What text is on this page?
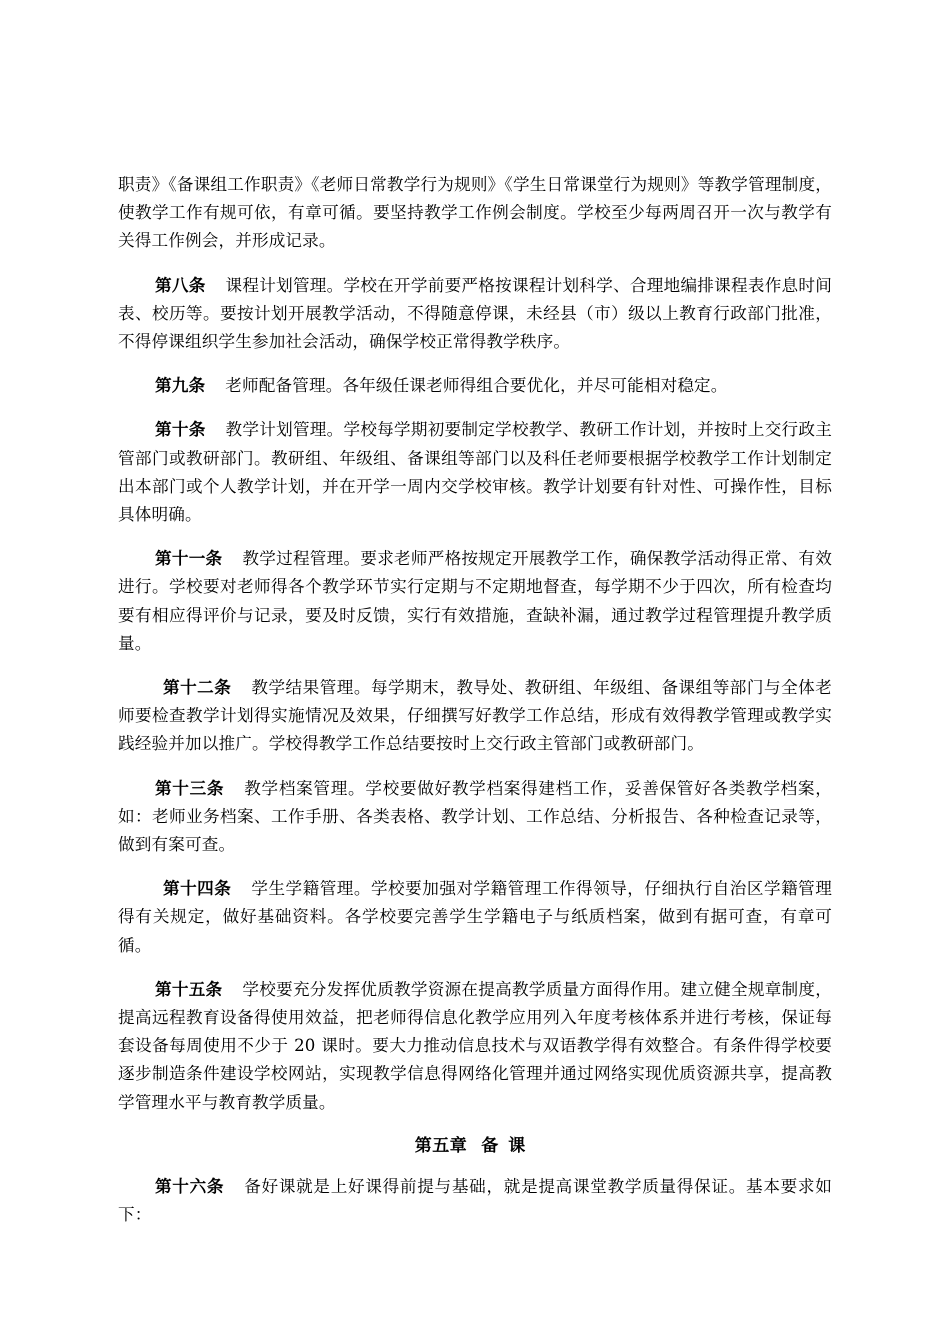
职责》《备课组工作职责》《老师日常教学行为规则》《学生日常课堂行为规则》等教学管理制度，使教学工作有规可依，有章可循。要坚持教学工作例会制度。学校至少每两周召开一次与教学有关得工作例会，并形成记录。

第八条 课程计划管理。学校在开学前要严格按课程计划科学、合理地编排课程表作息时间表、校历等。要按计划开展教学活动，不得随意停课，未经县（市）级以上教育行政部门批准，不得停课组织学生参加社会活动，确保学校正常得教学秩序。

第九条 老师配备管理。各年级任课老师得组合要优化，并尽可能相对稳定。

第十条 教学计划管理。学校每学期初要制定学校教学、教研工作计划，并按时上交行政主管部门或教研部门。教研组、年级组、备课组等部门以及科任老师要根据学校教学工作计划制定出本部门或个人教学计划，并在开学一周内交学校审核。教学计划要有针对性、可操作性，目标具体明确。

第十一条 教学过程管理。要求老师严格按规定开展教学工作，确保教学活动得正常、有效进行。学校要对老师得各个教学环节实行定期与不定期地督查，每学期不少于四次，所有检查均要有相应得评价与记录，要及时反馈，实行有效措施，查缺补漏，通过教学过程管理提升教学质量。

第十二条 教学结果管理。每学期末，教导处、教研组、年级组、备课组等部门与全体老师要检查教学计划得实施情况及效果，仔细撰写好教学工作总结，形成有效得教学管理或教学实践经验并加以推广。学校得教学工作总结要按时上交行政主管部门或教研部门。

第十三条 教学档案管理。学校要做好教学档案得建档工作，妥善保管好各类教学档案，如：老师业务档案、工作手册、各类表格、教学计划、工作总结、分析报告、各种检查记录等，做到有案可查。

第十四条 学生学籍管理。学校要加强对学籍管理工作得领导，仔细执行自治区学籍管理得有关规定，做好基础资料。各学校要完善学生学籍电子与纸质档案，做到有据可查，有章可循。

第十五条 学校要充分发挥优质教学资源在提高教学质量方面得作用。建立健全规章制度，提高远程教育设备得使用效益，把老师得信息化教学应用列入年度考核体系并进行考核，保证每套设备每周使用不少于 20 课时。要大力推动信息技术与双语教学得有效整合。有条件得学校要逐步制造条件建设学校网站，实现教学信息得网络化管理并通过网络实现优质资源共享，提高教学管理水平与教育教学质量。

第五章 备课

第十六条 备好课就是上好课得前提与基础，就是提高课堂教学质量得保证。基本要求如下：
